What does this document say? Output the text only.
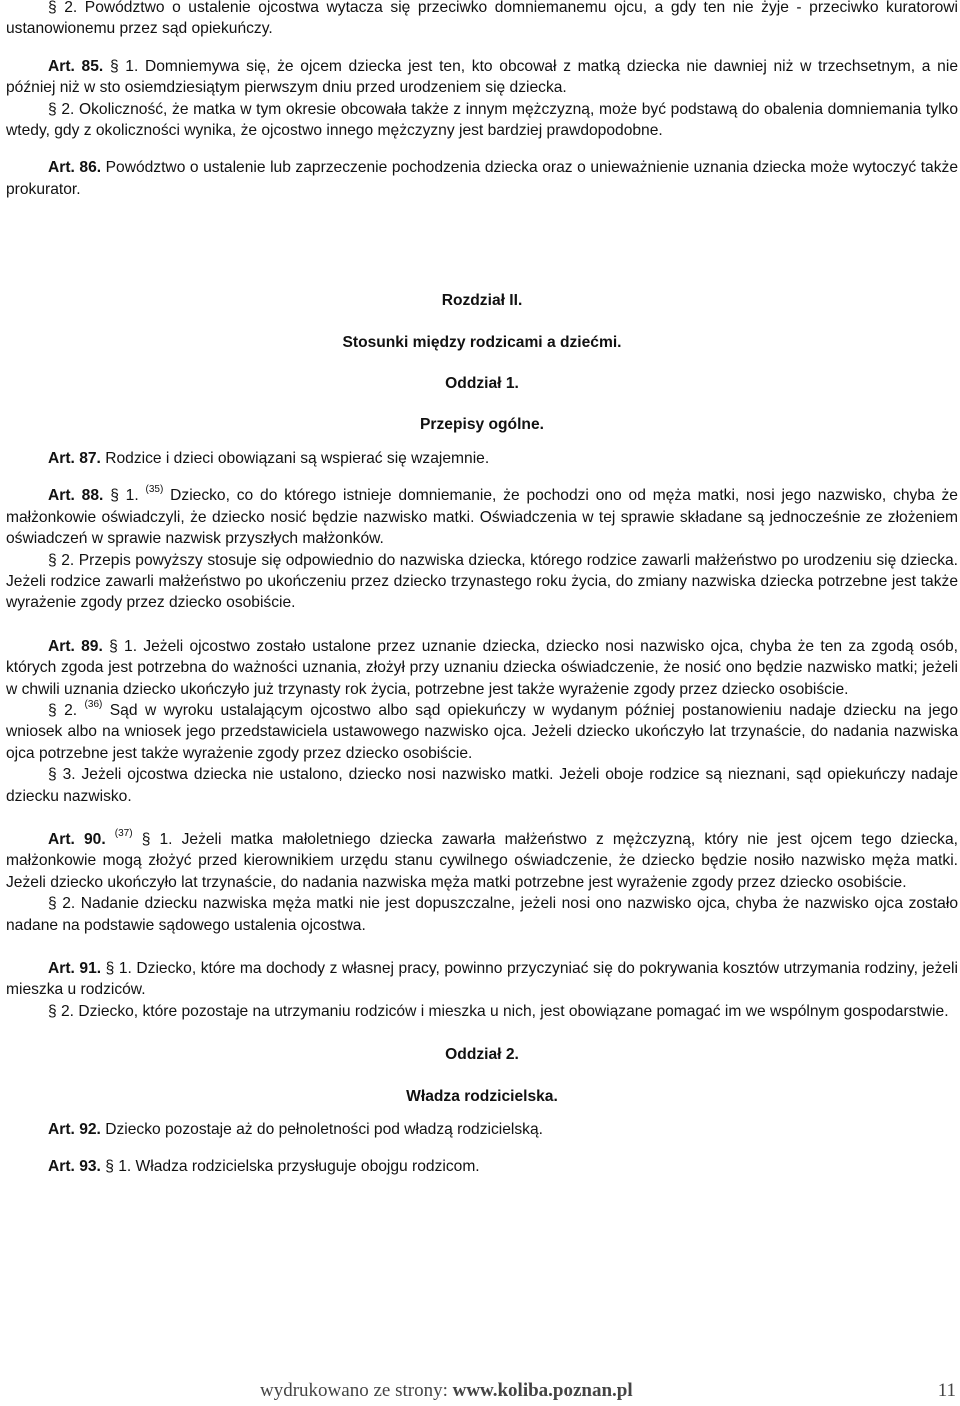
§ 2. Powództwo o ustalenie ojcostwa wytacza się przeciwko domniemanemu ojcu, a gdy ten nie żyje - przeciwko kuratorowi ustanowionemu przez sąd opiekuńczy.

Art. 85. § 1. Domniemywa się, że ojcem dziecka jest ten, kto obcował z matką dziecka nie dawniej niż w trzechsetnym, a nie później niż w sto osiemdziesiątym pierwszym dniu przed urodzeniem się dziecka.

§ 2. Okoliczność, że matka w tym okresie obcowała także z innym mężczyzną, może być podstawą do obalenia domniemania tylko wtedy, gdy z okoliczności wynika, że ojcostwo innego mężczyzny jest bardziej prawdopodobne.

Art. 86. Powództwo o ustalenie lub zaprzeczenie pochodzenia dziecka oraz o unieważnienie uznania dziecka może wytoczyć także prokurator.

Rozdział II.

Stosunki między rodzicami a dziećmi.

Oddział 1.

Przepisy ogólne.

Art. 87. Rodzice i dzieci obowiązani są wspierać się wzajemnie.

Art. 88. § 1. $^{(35)}$ Dziecko, co do którego istnieje domniemanie, że pochodzi ono od męża matki, nosi jego nazwisko, chyba że małżonkowie oświadczyli, że dziecko nosić będzie nazwisko matki. Oświadczenia w tej sprawie składane są jednocześnie ze złożeniem oświadczeń w sprawie nazwisk przyszłych małżonków.

§ 2. Przepis powyższy stosuje się odpowiednio do nazwiska dziecka, którego rodzice zawarli małżeństwo po urodzeniu się dziecka. Jeżeli rodzice zawarli małżeństwo po ukończeniu przez dziecko trzynastego roku życia, do zmiany nazwiska dziecka potrzebne jest także wyrażenie zgody przez dziecko osobiście.

Art. 89. § 1. Jeżeli ojcostwo zostało ustalone przez uznanie dziecka, dziecko nosi nazwisko ojca, chyba że ten za zgodą osób, których zgoda jest potrzebna do ważności uznania, złożył przy uznaniu dziecka oświadczenie, że nosić ono będzie nazwisko matki; jeżeli w chwili uznania dziecko ukończyło już trzynasty rok życia, potrzebne jest także wyrażenie zgody przez dziecko osobiście.

§ 2. $^{(36)}$ Sąd w wyroku ustalającym ojcostwo albo sąd opiekuńczy w wydanym później postanowieniu nadaje dziecku na jego wniosek albo na wniosek jego przedstawiciela ustawowego nazwisko ojca. Jeżeli dziecko ukończyło lat trzynaście, do nadania nazwiska ojca potrzebne jest także wyrażenie zgody przez dziecko osobiście.

§ 3. Jeżeli ojcostwa dziecka nie ustalono, dziecko nosi nazwisko matki. Jeżeli oboje rodzice są nieznani, sąd opiekuńczy nadaje dziecku nazwisko.

Art. 90. $^{(37)}$ § 1. Jeżeli matka małoletniego dziecka zawarła małżeństwo z mężczyzną, który nie jest ojcem tego dziecka, małżonkowie mogą złożyć przed kierownikiem urzędu stanu cywilnego oświadczenie, że dziecko będzie nosiło nazwisko męża matki. Jeżeli dziecko ukończyło lat trzynaście, do nadania nazwiska męża matki potrzebne jest wyrażenie zgody przez dziecko osobiście.

§ 2. Nadanie dziecku nazwiska męża matki nie jest dopuszczalne, jeżeli nosi ono nazwisko ojca, chyba że nazwisko ojca zostało nadane na podstawie sądowego ustalenia ojcostwa.

Art. 91. § 1. Dziecko, które ma dochody z własnej pracy, powinno przyczyniać się do pokrywania kosztów utrzymania rodziny, jeżeli mieszka u rodziców.

§ 2. Dziecko, które pozostaje na utrzymaniu rodziców i mieszka u nich, jest obowiązane pomagać im we wspólnym gospodarstwie.

Oddział 2.

Władza rodzicielska.

Art. 92. Dziecko pozostaje aż do pełnoletności pod władzą rodzicielską.

Art. 93. § 1. Władza rodzicielska przysługuje obojgu rodzicom.

wydrukowano ze strony: www.koliba.poznan.pl	11
